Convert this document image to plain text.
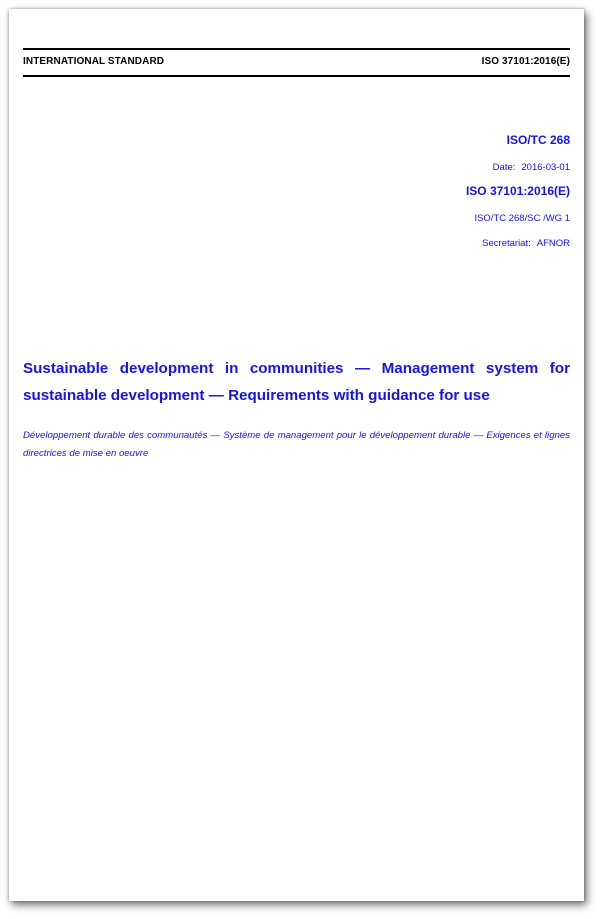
INTERNATIONAL STANDARD	ISO 37101:2016(E)
ISO/TC 268
Date: 2016-03-01
ISO 37101:2016(E)
ISO/TC 268/SC /WG 1
Secretariat: AFNOR

Sustainable development in communities — Management system for sustainable development — Requirements with guidance for use

Développement durable des communautés — Système de management pour le développement durable — Exigences et lignes directrices de mise en oeuvre
